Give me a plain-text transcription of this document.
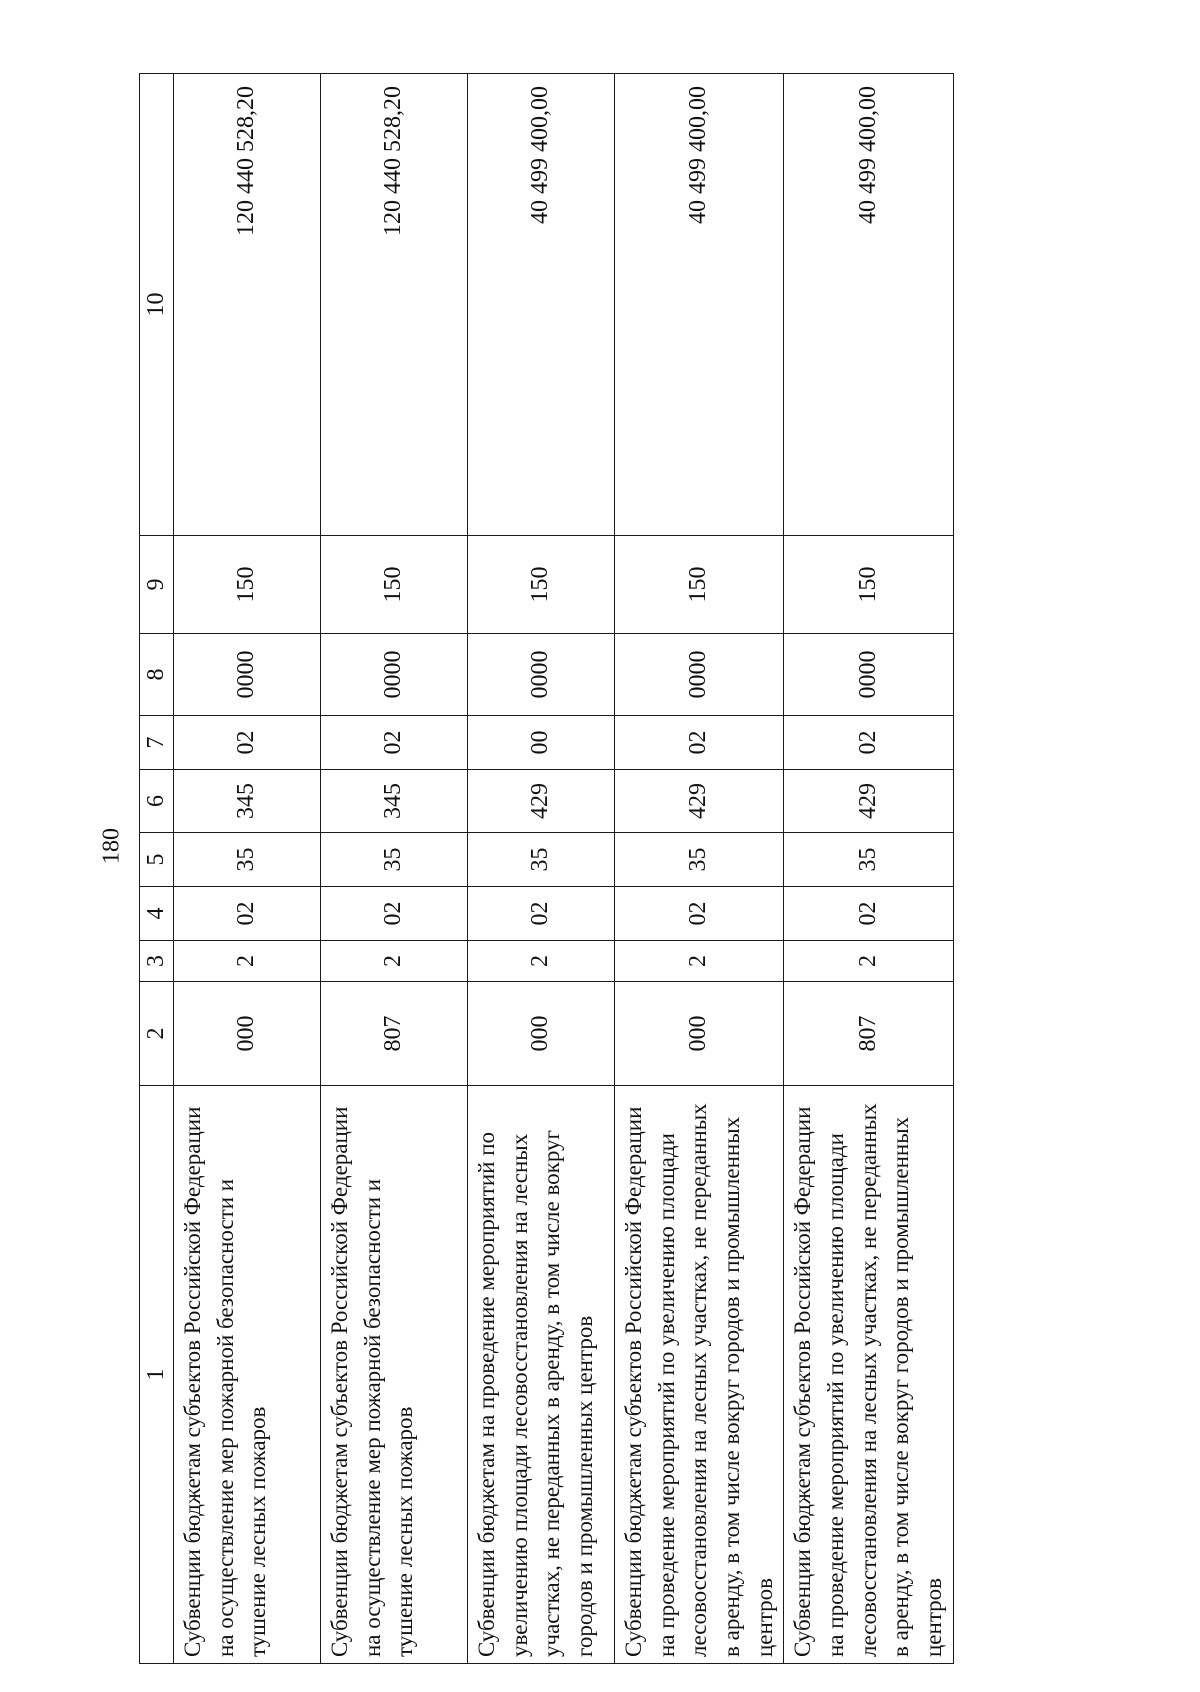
180
1	2	3	4	5	6	7	8	9	10
Субвенции бюджетам субъектов Российской Федерации на осуществление мер пожарной безопасности и тушение лесных пожаров	000	2	02	35	345	02	0000	150	120 440 528,20
Субвенции бюджетам субъектов Российской Федерации на осуществление мер пожарной безопасности и тушение лесных пожаров	807	2	02	35	345	02	0000	150	120 440 528,20
Субвенции бюджетам на проведение мероприятий по увеличению площади лесовосстановления на лесных участках, не переданных в аренду, в том числе вокруг городов и промышленных центров	000	2	02	35	429	00	0000	150	40 499 400,00
Субвенции бюджетам субъектов Российской Федерации на проведение мероприятий по увеличению площади лесовосстановления на лесных участках, не переданных в аренду, в том числе вокруг городов и промышленных центров	000	2	02	35	429	02	0000	150	40 499 400,00
Субвенции бюджетам субъектов Российской Федерации на проведение мероприятий по увеличению площади лесовосстановления на лесных участках, не переданных в аренду, в том числе вокруг городов и промышленных центров	807	2	02	35	429	02	0000	150	40 499 400,00
